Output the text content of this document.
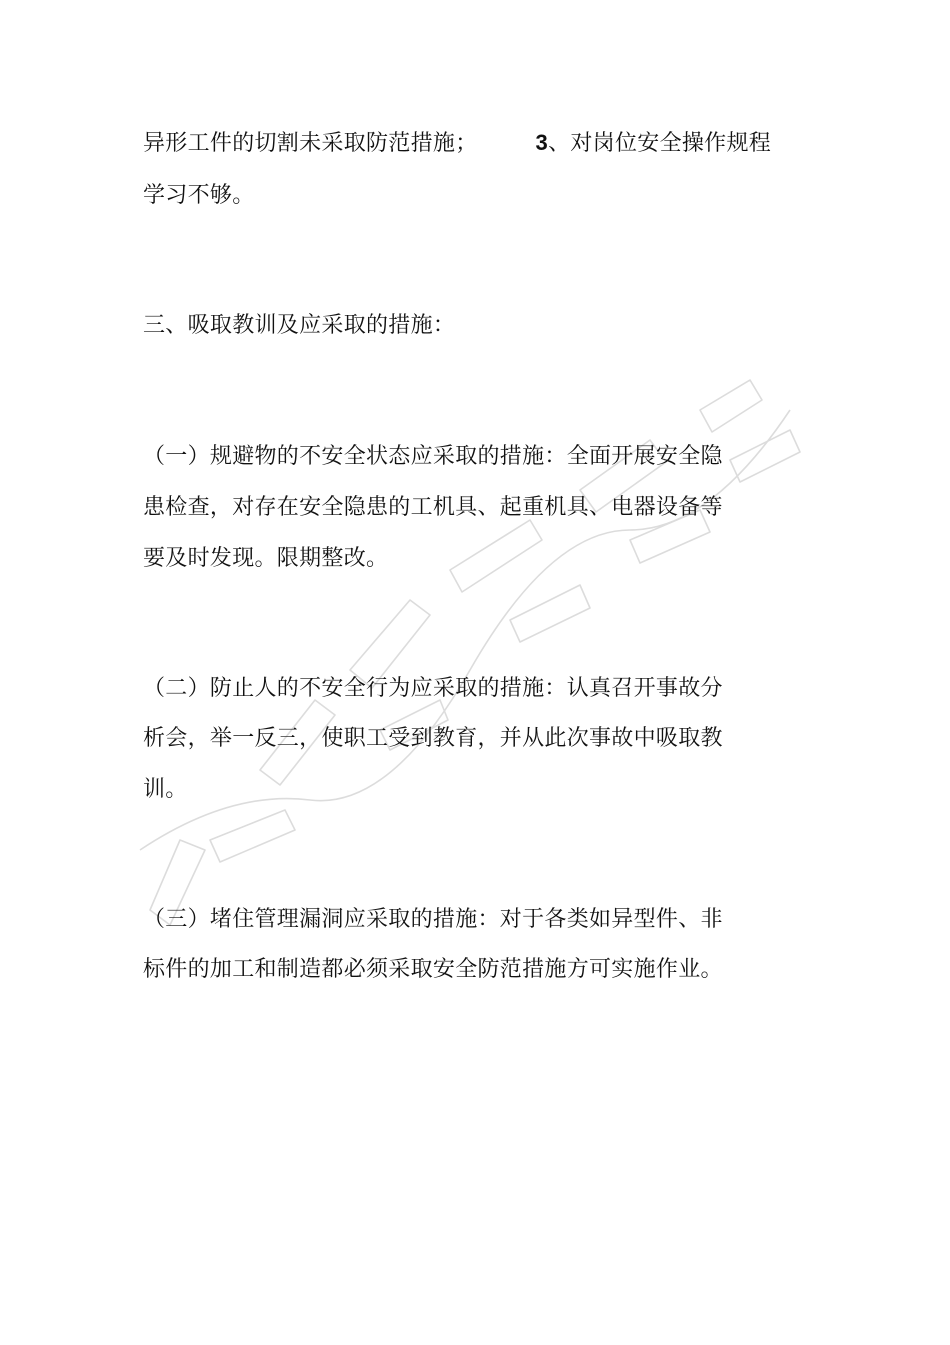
异形工件的切割未采取防范措施；	3、对岗位安全操作规程
学习不够。
三、吸取教训及应采取的措施：
（一）规避物的不安全状态应采取的措施：全面开展安全隐
患检查，对存在安全隐患的工机具、起重机具、电器设备等
要及时发现。限期整改。
（二）防止人的不安全行为应采取的措施：认真召开事故分
析会，举一反三，使职工受到教育，并从此次事故中吸取教
训。
（三）堵住管理漏洞应采取的措施：对于各类如异型件、非
标件的加工和制造都必须采取安全防范措施方可实施作业。
